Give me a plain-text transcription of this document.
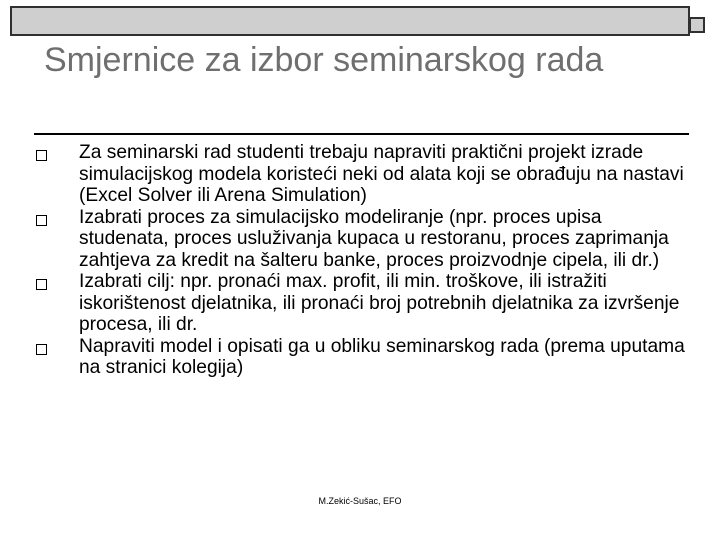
Smjernice za izbor seminarskog rada
Za seminarski rad studenti trebaju napraviti praktični projekt izrade simulacijskog modela koristeći neki od alata koji se obrađuju na nastavi (Excel Solver ili Arena Simulation)
Izabrati proces za simulacijsko modeliranje (npr. proces upisa studenata, proces usluživanja kupaca u restoranu, proces zaprimanja zahtjeva za kredit na šalteru banke, proces proizvodnje cipela, ili dr.)
Izabrati cilj: npr. pronaći max. profit, ili min. troškove, ili istražiti iskorištenost djelatnika, ili pronaći broj potrebnih djelatnika za izvršenje procesa, ili dr.
Napraviti model i opisati ga u obliku seminarskog rada (prema uputama na stranici kolegija)
M.Zekić-Sušac, EFO
